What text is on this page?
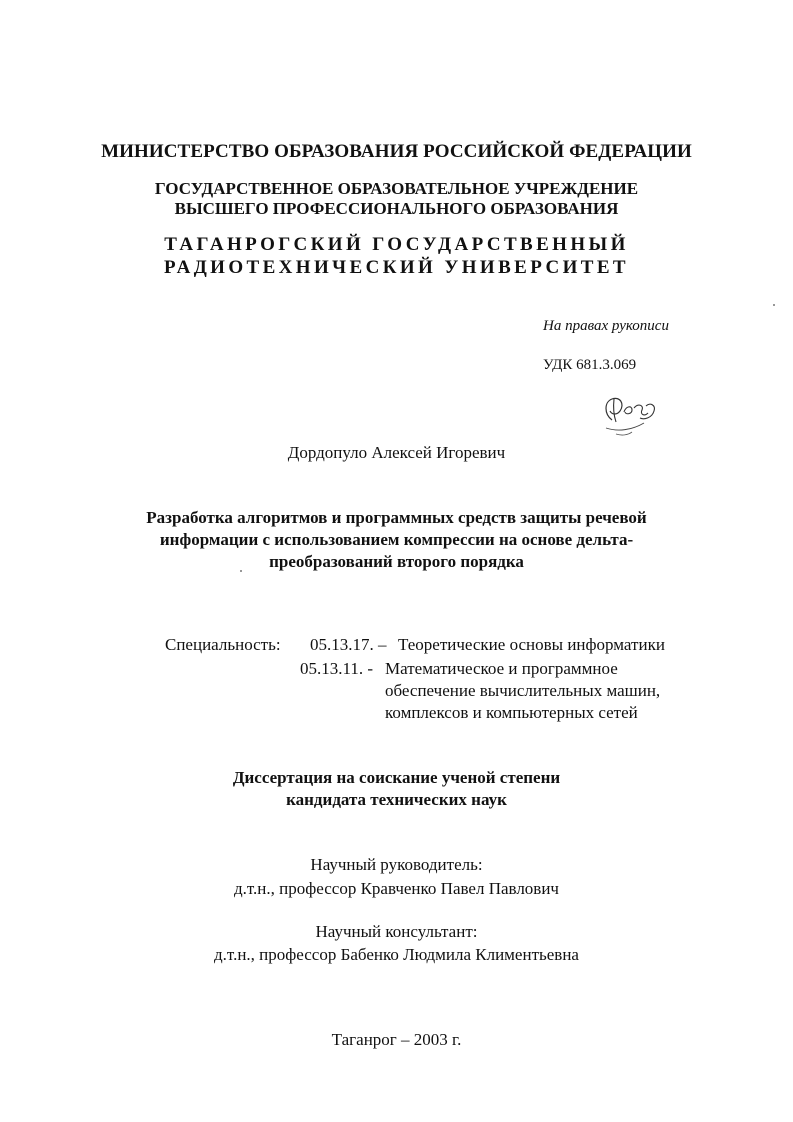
МИНИСТЕРСТВО ОБРАЗОВАНИЯ РОССИЙСКОЙ ФЕДЕРАЦИИ
ГОСУДАРСТВЕННОЕ ОБРАЗОВАТЕЛЬНОЕ УЧРЕЖДЕНИЕ
ВЫСШЕГО ПРОФЕССИОНАЛЬНОГО ОБРАЗОВАНИЯ
ТАГАНРОГСКИЙ ГОСУДАРСТВЕННЫЙ
РАДИОТЕХНИЧЕСКИЙ УНИВЕРСИТЕТ
На правах рукописи
УДК 681.3.069
Дордопуло Алексей Игоревич
Разработка алгоритмов и программных средств защиты речевой
информации с использованием компрессии на основе дельта-
преобразований второго порядка
Специальность: 05.13.17. – Теоретические основы информатики
05.13.11. - Математическое и программное
обеспечение вычислительных машин,
комплексов и компьютерных сетей
Диссертация на соискание ученой степени
кандидата технических наук
Научный руководитель:
д.т.н., профессор Кравченко Павел Павлович
Научный консультант:
д.т.н., профессор Бабенко Людмила Климентьевна
Таганрог – 2003 г.
